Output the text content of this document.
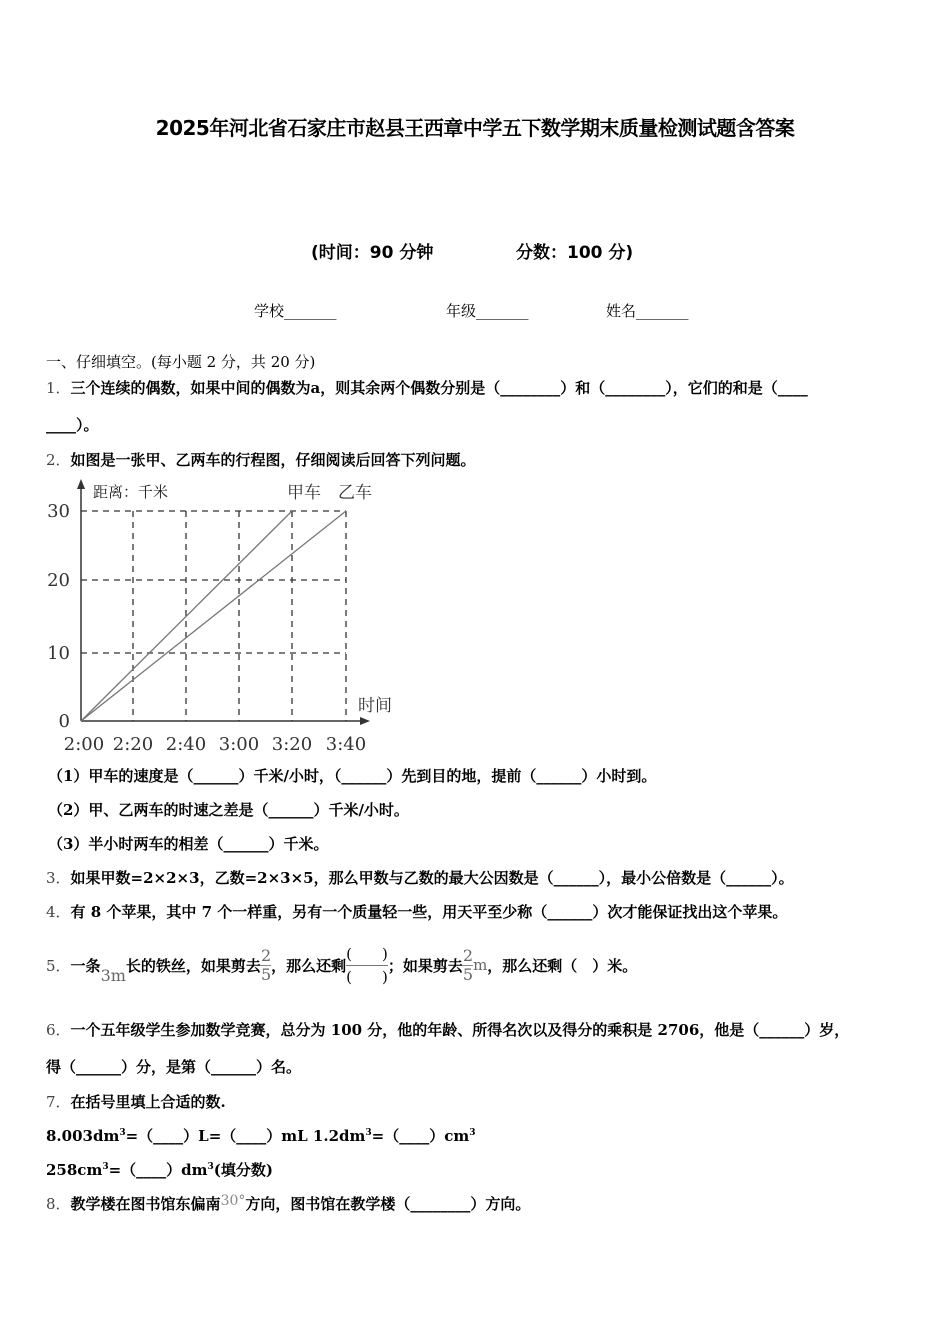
2025年河北省石家庄市赵县王西章中学五下数学期末质量检测试题含答案
(时间：90 分钟	分数：100 分)
学校_______	年级_______	姓名_______
一、仔细填空。(每小题 2 分，共 20 分)
1．三个连续的偶数，如果中间的偶数为a，则其余两个偶数分别是（________）和（________），它们的和是（____
____）。
2．如图是一张甲、乙两车的行程图，仔细阅读后回答下列问题。
距离：千米	甲车 乙车
时间
30
20
10
0
2:00 2:20 2:40 3:00 3:20 3:40
（1）甲车的速度是（______）千米/小时，（______）先到目的地，提前（______）小时到。
（2）甲、乙两车的时速之差是（______）千米/小时。
（3）半小时两车的相差（______）千米。
3．如果甲数=2×2×3，乙数=2×3×5，那么甲数与乙数的最大公因数是（______），最小公倍数是（______）。
4．有 8 个苹果，其中 7 个一样重，另有一个质量轻一些，用天平至少称（______）次才能保证找出这个苹果。
5． 一条 3m 长的铁丝，如果剪去 $\frac{2}{5}$ ，那么还剩
(　　)
(　　)
；如果剪去 $\frac{2}{5}$ m ，那么还剩（　）米。
6．一个五年级学生参加数学竞赛，总分为 100 分，他的年龄、所得名次以及得分的乘积是 2706，他是（______）岁，
得（______）分，是第（______）名。
7．在括号里填上合适的数.
$8.003dm^3=(\_\_\_\_)L=(\_\_\_\_)mL$ $1.2dm^3=(\_\_\_\_)cm^3$
$258cm^3=(\_\_\_\_)dm^3$(填分数)
8．教学楼在图书馆东偏南30°方向，图书馆在教学楼（________）方向。
